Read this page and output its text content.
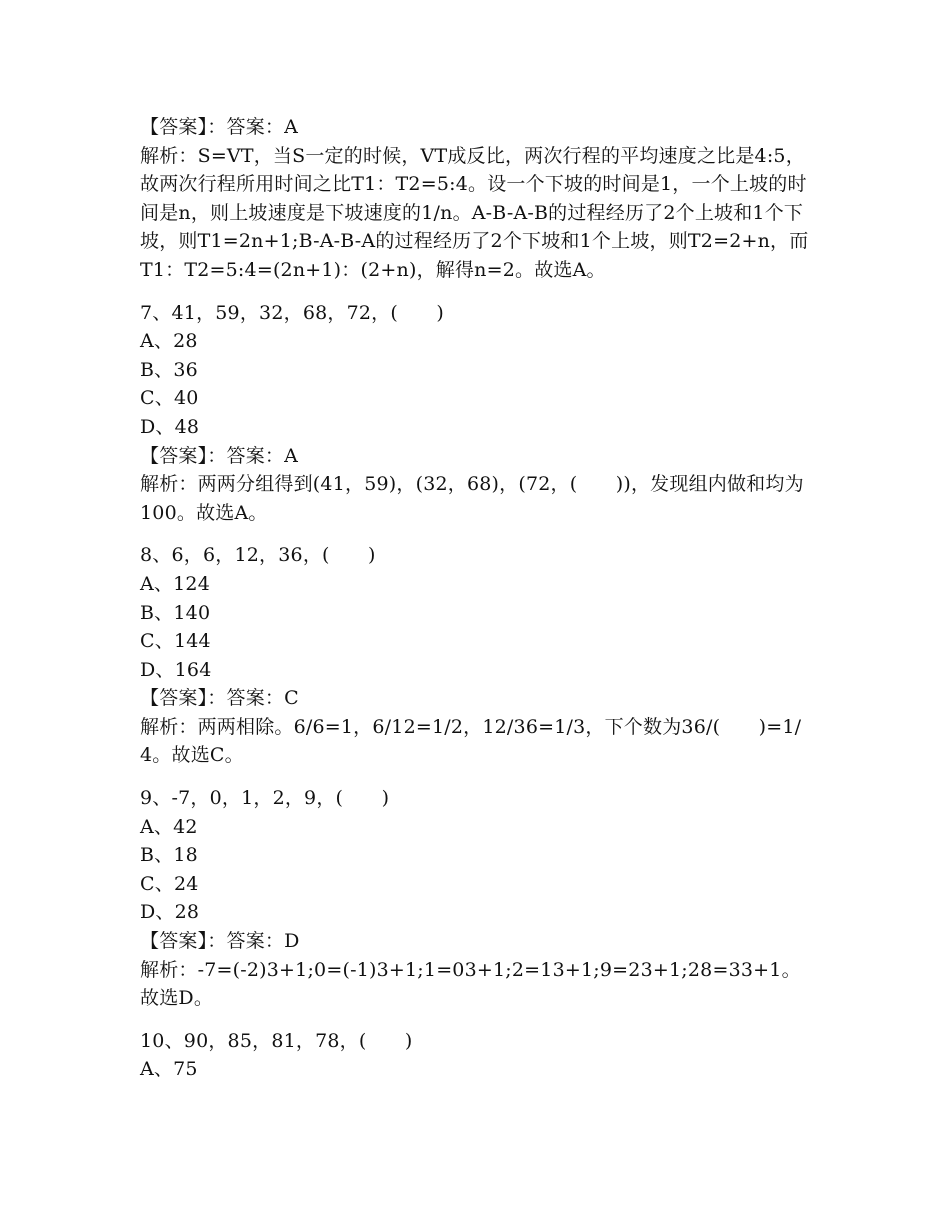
【答案】：答案：A
解析：S=VT，当S一定的时候，VT成反比，两次行程的平均速度之比是4:5，故两次行程所用时间之比T1：T2=5:4。设一个下坡的时间是1，一个上坡的时间是n，则上坡速度是下坡速度的1/n。A-B-A-B的过程经历了2个上坡和1个下坡，则T1=2n+1;B-A-B-A的过程经历了2个下坡和1个上坡，则T2=2+n，而T1：T2=5:4=(2n+1)：(2+n)，解得n=2。故选A。
7、41，59，32，68，72，(　　)
A、28
B、36
C、40
D、48
【答案】：答案：A
解析：两两分组得到(41，59)，(32，68)，(72，(　　))，发现组内做和均为100。故选A。
8、6，6，12，36，(　　)
A、124
B、140
C、144
D、164
【答案】：答案：C
解析：两两相除。6/6=1，6/12=1/2，12/36=1/3，下个数为36/(　　)=1/4。故选C。
9、-7，0，1，2，9，(　　)
A、42
B、18
C、24
D、28
【答案】：答案：D
解析：-7=(-2)3+1;0=(-1)3+1;1=03+1;2=13+1;9=23+1;28=33+1。故选D。
10、90，85，81，78，(　　)
A、75
